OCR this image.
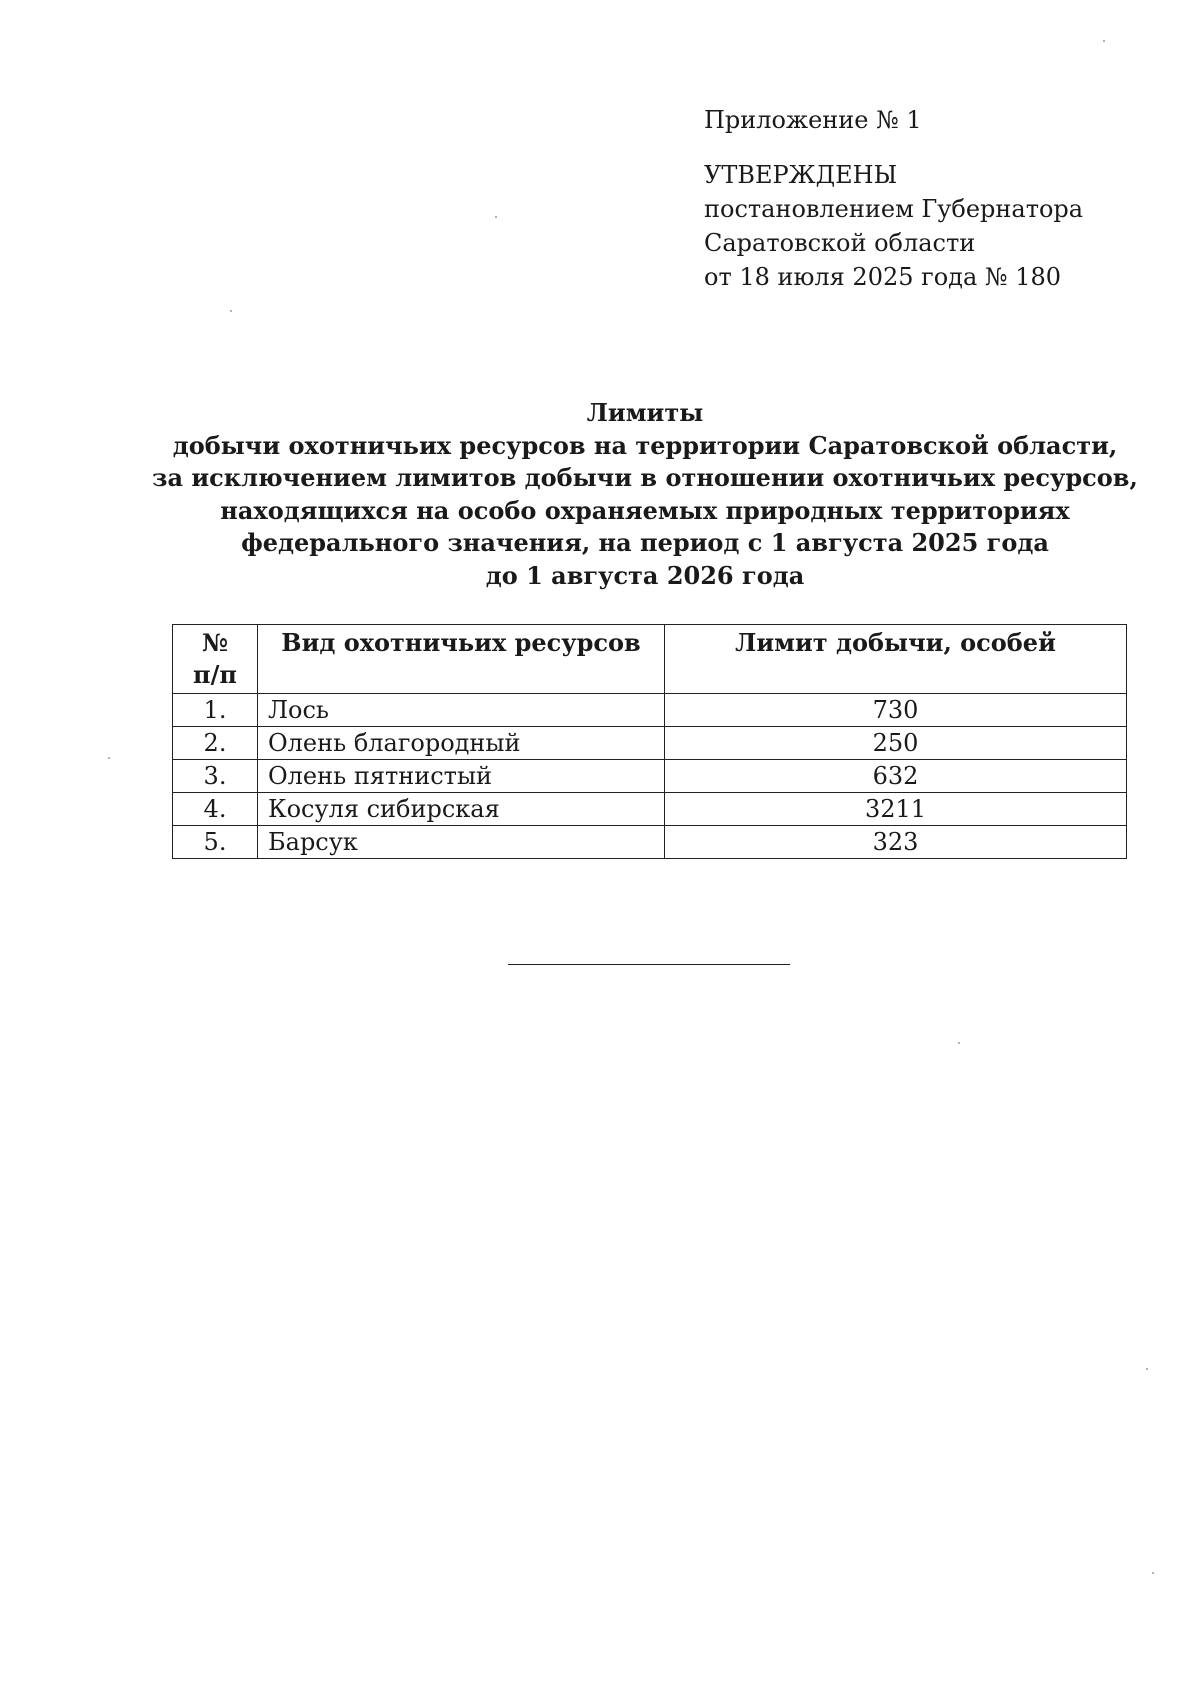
Приложение № 1
УТВЕРЖДЕНЫ
постановлением Губернатора
Саратовской области
от 18 июля 2025 года № 180
Лимиты
добычи охотничьих ресурсов на территории Саратовской области,
за исключением лимитов добычи в отношении охотничьих ресурсов,
находящихся на особо охраняемых природных территориях
федерального значения, на период с 1 августа 2025 года
до 1 августа 2026 года
№
п/п	Вид охотничьих ресурсов	Лимит добычи, особей
1.	Лось	730
2.	Олень благородный	250
3.	Олень пятнистый	632
4.	Косуля сибирская	3211
5.	Барсук	323
